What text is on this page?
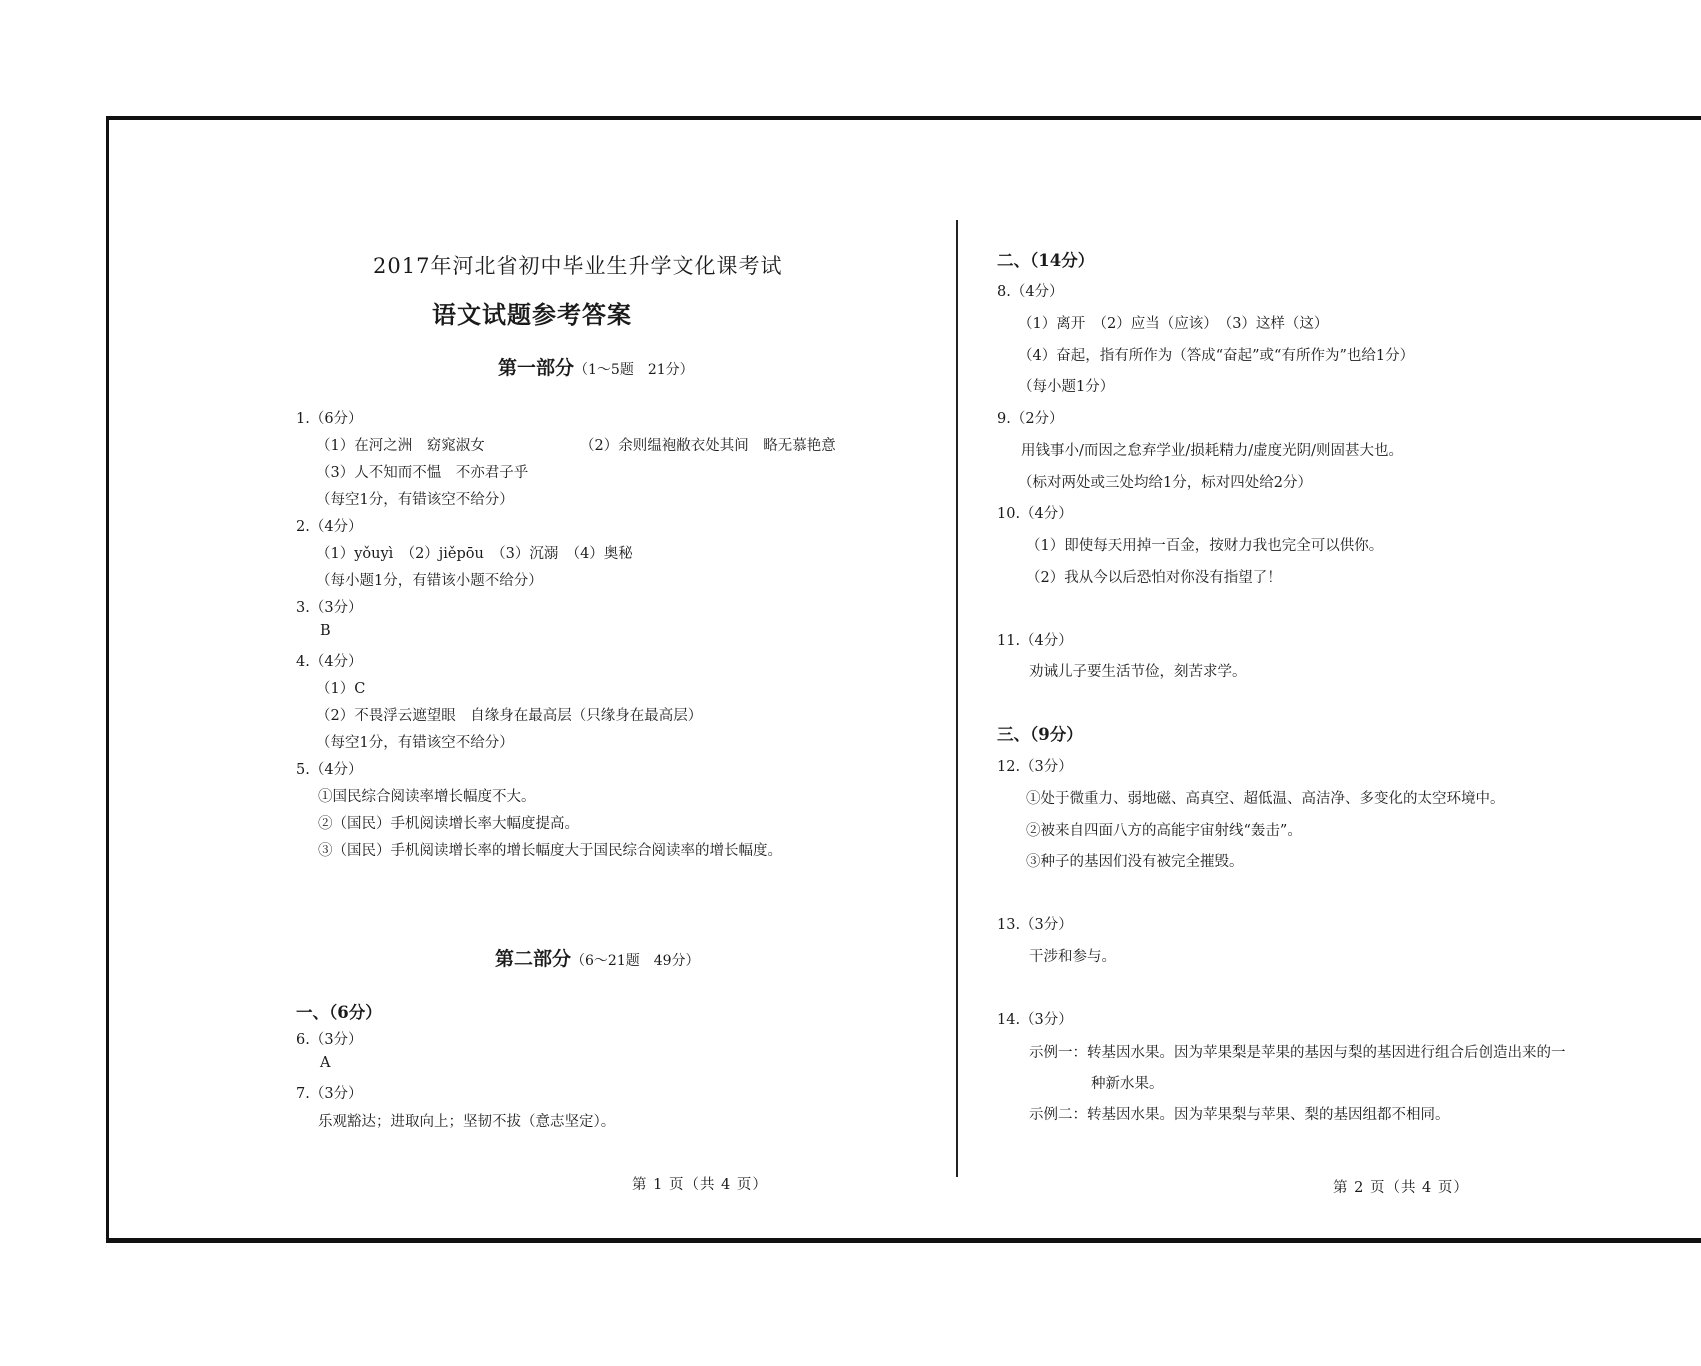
2017年河北省初中毕业生升学文化课考试
语文试题参考答案
第一部分（1～5题　21分）
1.（6分）
（1）在河之洲　窈窕淑女	（2）余则缊袍敝衣处其间　略无慕艳意
（3）人不知而不愠　不亦君子乎
（每空1分，有错该空不给分）
2.（4分）
（1）yǒuyì　（2）jiěpōu　（3）沉溺　（4）奥秘
（每小题1分，有错该小题不给分）
3.（3分）
B
4.（4分）
（1）C
（2）不畏浮云遮望眼　自缘身在最高层（只缘身在最高层）
（每空1分，有错该空不给分）
5.（4分）
①国民综合阅读率增长幅度不大。
②（国民）手机阅读增长率大幅度提高。
③（国民）手机阅读增长率的增长幅度大于国民综合阅读率的增长幅度。
第二部分（6～21题　49分）
一、（6分）
6.（3分）
A
7.（3分）
乐观豁达；进取向上；坚韧不拔（意志坚定）。
第 1 页（共 4 页）
二、（14分）
8.（4分）
（1）离开　（2）应当（应该）　（3）这样（这）
（4）奋起，指有所作为（答成“奋起”或“有所作为”也给1分）
（每小题1分）
9.（2分）
用钱事小/而因之怠弃学业/损耗精力/虚度光阴/则固甚大也。
（标对两处或三处均给1分，标对四处给2分）
10.（4分）
（1）即使每天用掉一百金，按财力我也完全可以供你。
（2）我从今以后恐怕对你没有指望了！
11.（4分）
劝诫儿子要生活节俭，刻苦求学。
三、（9分）
12.（3分）
①处于微重力、弱地磁、高真空、超低温、高洁净、多变化的太空环境中。
②被来自四面八方的高能宇宙射线“轰击”。
③种子的基因们没有被完全摧毁。
13.（3分）
干涉和参与。
14.（3分）
示例一：转基因水果。因为苹果梨是苹果的基因与梨的基因进行组合后创造出来的一
种新水果。
示例二：转基因水果。因为苹果梨与苹果、梨的基因组都不相同。
第 2 页（共 4 页）
